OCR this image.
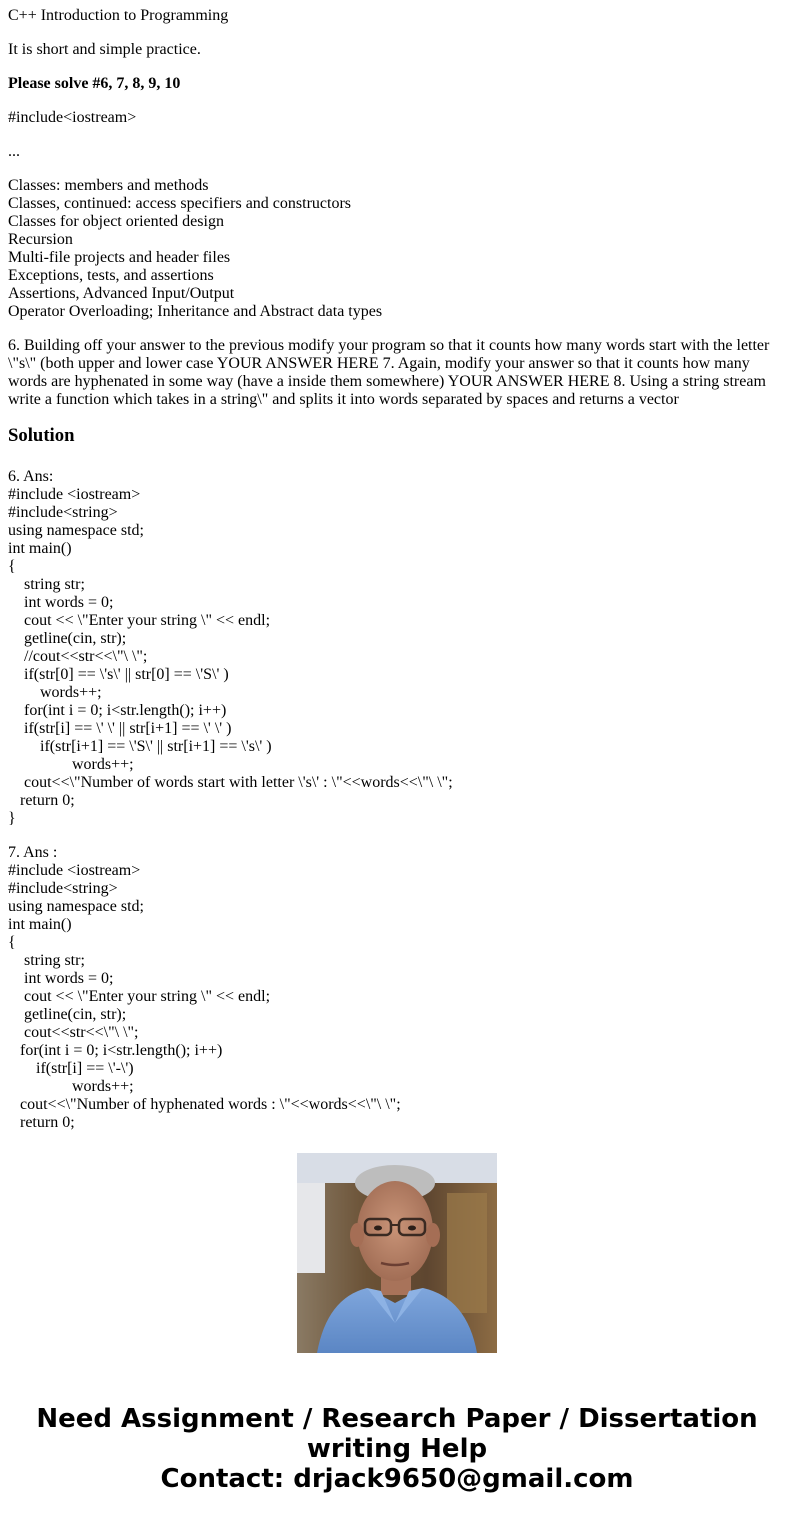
C++ Introduction to Programming

It is short and simple practice.

Please solve #6, 7, 8, 9, 10

#include<iostream>

...

Classes: members and methods
Classes, continued: access specifiers and constructors
Classes for object oriented design
Recursion
Multi-file projects and header files
Exceptions, tests, and assertions
Assertions, Advanced Input/Output
Operator Overloading; Inheritance and Abstract data types

6. Building off your answer to the previous modify your program so that it counts how many words start with the letter \"s\" (both upper and lower case YOUR ANSWER HERE 7. Again, modify your answer so that it counts how many words are hyphenated in some way (have a inside them somewhere) YOUR ANSWER HERE 8. Using a string stream write a function which takes in a string\" and splits it into words separated by spaces and returns a vector

Solution
6. Ans:
#include <iostream>
#include<string>
using namespace std;
int main()
{
string str;
int words = 0;
cout << \"Enter your string \" << endl;
getline(cin, str);
//cout<<str<<\"\ \";
if(str[0] == \'s\' || str[0] == \'S\' )
words++;
for(int i = 0; i<str.length(); i++)
if(str[i] == \' \' || str[i+1] == \' \' )
if(str[i+1] == \'S\' || str[i+1] == \'s\' )
words++;
cout<<\"Number of words start with letter \'s\' : \"<<words<<\"\ \";
return 0;
}
7. Ans :
#include <iostream>
#include<string>
using namespace std;
int main()
{
string str;
int words = 0;
cout << \"Enter your string \" << endl;
getline(cin, str);
cout<<str<<\"\ \";
for(int i = 0; i<str.length(); i++)
if(str[i] == \'-\')
words++;
cout<<\"Number of hyphenated words : \"<<words<<\"\ \";
return 0;
Need Assignment / Research Paper / Dissertation
writing Help
Contact: drjack9650@gmail.com
